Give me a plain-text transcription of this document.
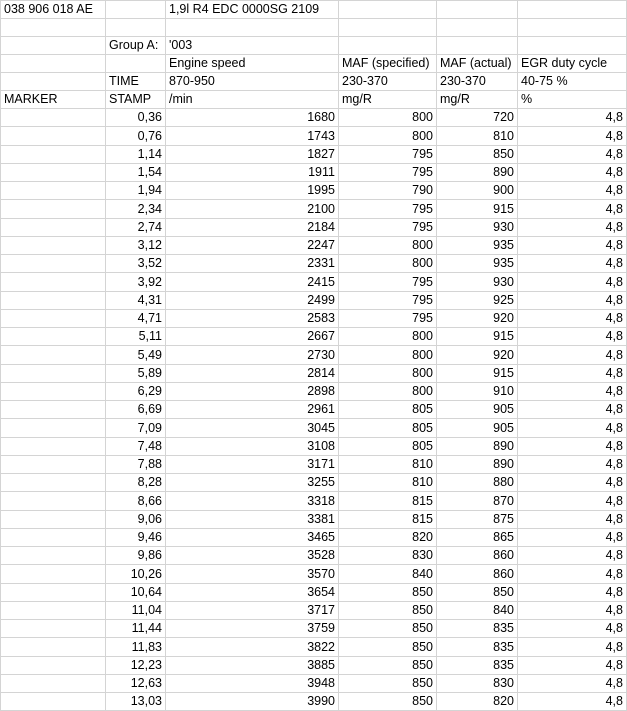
038 906 018 AE		1,9l R4 EDC 0000SG 2109			

	Group A:	'003			
		Engine speed	MAF (specified)	MAF (actual)	EGR duty cycle
	TIME	870-950	230-370	230-370	40-75 %
MARKER	STAMP	/min	mg/R	mg/R	%
	0,36	1680	800	720	4,8
	0,76	1743	800	810	4,8
	1,14	1827	795	850	4,8
	1,54	1911	795	890	4,8
	1,94	1995	790	900	4,8
	2,34	2100	795	915	4,8
	2,74	2184	795	930	4,8
	3,12	2247	800	935	4,8
	3,52	2331	800	935	4,8
	3,92	2415	795	930	4,8
	4,31	2499	795	925	4,8
	4,71	2583	795	920	4,8
	5,11	2667	800	915	4,8
	5,49	2730	800	920	4,8
	5,89	2814	800	915	4,8
	6,29	2898	800	910	4,8
	6,69	2961	805	905	4,8
	7,09	3045	805	905	4,8
	7,48	3108	805	890	4,8
	7,88	3171	810	890	4,8
	8,28	3255	810	880	4,8
	8,66	3318	815	870	4,8
	9,06	3381	815	875	4,8
	9,46	3465	820	865	4,8
	9,86	3528	830	860	4,8
	10,26	3570	840	860	4,8
	10,64	3654	850	850	4,8
	11,04	3717	850	840	4,8
	11,44	3759	850	835	4,8
	11,83	3822	850	835	4,8
	12,23	3885	850	835	4,8
	12,63	3948	850	830	4,8
	13,03	3990	850	820	4,8
